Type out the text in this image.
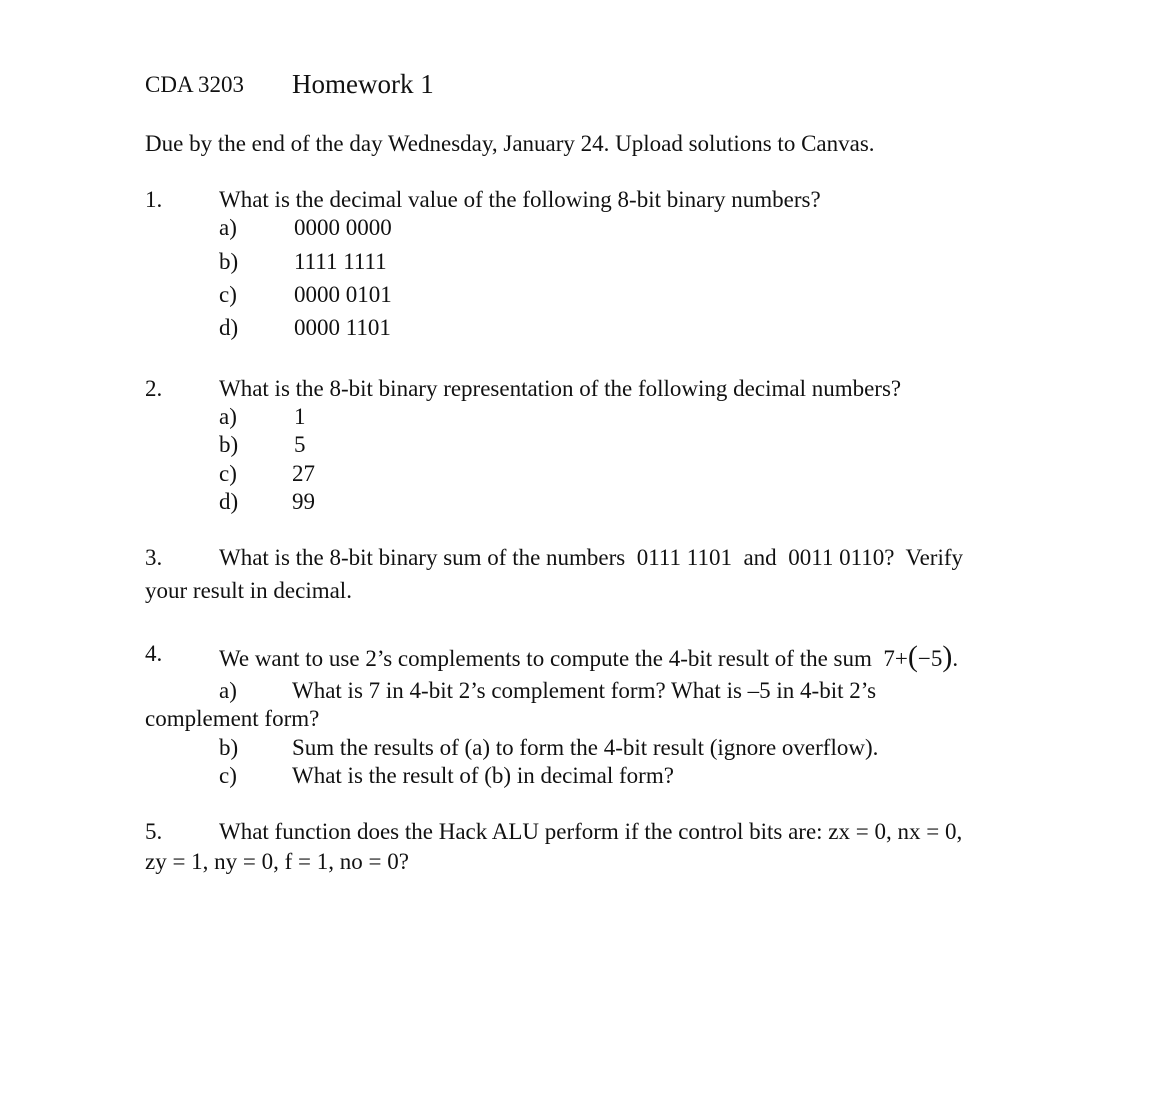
CDA 3203 Homework 1
Due by the end of the day Wednesday, January 24. Upload solutions to Canvas.
1. What is the decimal value of the following 8-bit binary numbers?
a) 0000 0000
b) 1111 1111
c) 0000 0101
d) 0000 1101
2. What is the 8-bit binary representation of the following decimal numbers?
a) 1
b) 5
c) 27
d) 99
3. What is the 8-bit binary sum of the numbers 0111 1101 and 0011 0110?  Verify
your result in decimal.
4. We want to use 2’s complements to compute the 4-bit result of the sum 7+(−5).
a) What is 7 in 4-bit 2’s complement form? What is –5 in 4-bit 2’s
complement form?
b) Sum the results of (a) to form the 4-bit result (ignore overflow).
c) What is the result of (b) in decimal form?
5. What function does the Hack ALU perform if the control bits are: zx = 0, nx = 0,
zy = 1, ny = 0, f = 1, no = 0?
